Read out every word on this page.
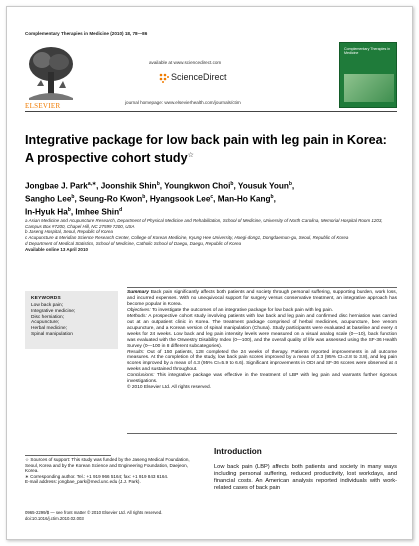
Complementary Therapies in Medicine (2010) 18, 78—86
ELSEVIER
available at www.sciencedirect.com
ScienceDirect
journal homepage: www.elsevierhealth.com/journals/ctim
Complementary Therapies in Medicine
Integrative package for low back pain with leg pain in Korea: A prospective cohort study☆
Jongbae J. Park$^{a,∗}$, Joonshik Shin$^b$, Youngkwon Choi$^b$, Yousuk Youn$^b$,
Sangho Lee$^b$, Seung-Ro Kwon$^b$, Hyangsook Lee$^c$, Man-Ho Kang$^b$,
In-Hyuk Ha$^b$, Imhee Shin$^d$
a Asian Medicine and Acupuncture Research, Department of Physical Medicine and Rehabilitation, School of Medicine, University of North Carolina, Memorial Hospital Room 1203, Campus Box #7200, Chapel Hill, NC 27599 7200, USA
b Jaseng Hospital, Seoul, Republic of Korea
c Acupuncture & Meridian Science Research Center, College of Korean Medicine, Kyung Hee University, Hoegi-dong1, Dongdaemun-gu, Seoul, Republic of Korea
d Department of Medical Statistics, School of Medicine, Catholic School of Daegu, Daegu, Republic of Korea
Available online 13 April 2010
KEYWORDS
Low back pain;
Integrative medicine;
Disc herniation;
Acupuncture;
Herbal medicine;
Spinal manipulation

Summary Back pain significantly affects both patients and society through personal suffering, supporting burden, work loss, and incurred expenses. With no unequivocal support for surgery versus conservative treatment, an integrative approach has become popular in Korea.

Objectives: To investigate the outcomes of an integrative package for low back pain with leg pain.

Methods: A prospective cohort study involving patients with low back and leg pain and confirmed disc herniation was carried out at an outpatient clinic in Korea. The treatment package comprised of herbal medicines, acupuncture, bee venom acupuncture, and a Korean version of spinal manipulation (Chuna). Study participants were evaluated at baseline and every 4 weeks for 24 weeks. Low back and leg pain intensity levels were measured on a visual analog scale (0—10), back function was evaluated with the Oswestry Disability Index (0—100), and the overall quality of life was assessed using the SF-36 Health Survey (0—100 in 8 different subcategories).

Results: Out of 150 patients, 128 completed the 24 weeks of therapy. Patients reported improvements in all outcome measures. At the completion of the study, low back pain scores improved by a mean of 3.3 (95% CI=2.8 to 3.8), and leg pain scores improved by a mean of 4.3 (95% CI=5.9 to 6.6). Significant improvements in ODI and SF-36 scores were observed at 4 weeks and sustained throughout.

Conclusions: This integrative package was effective in the treatment of LBP with leg pain and warrants further rigorous investigations.

© 2010 Elsevier Ltd. All rights reserved.

☆ Sources of support: This study was funded by the Jaseng Medical Foundation, Seoul, Korea and by the Korean Science and Engineering Foundation, Daejeon, Korea.
∗ Corresponding author. Tel.: +1 919 966 5164; fax: +1 919 843 6164.
E-mail address: jongbae_park@med.unc.edu (J.J. Park).
0965-2299/$ — see front matter © 2010 Elsevier Ltd. All rights reserved.
doi:10.1016/j.ctim.2010.02.003
Introduction
Low back pain (LBP) affects both patients and society in many ways including personal suffering, reduced productivity, lost workdays, and financial costs. An American analysis reported individuals with work-related cases of back pain
